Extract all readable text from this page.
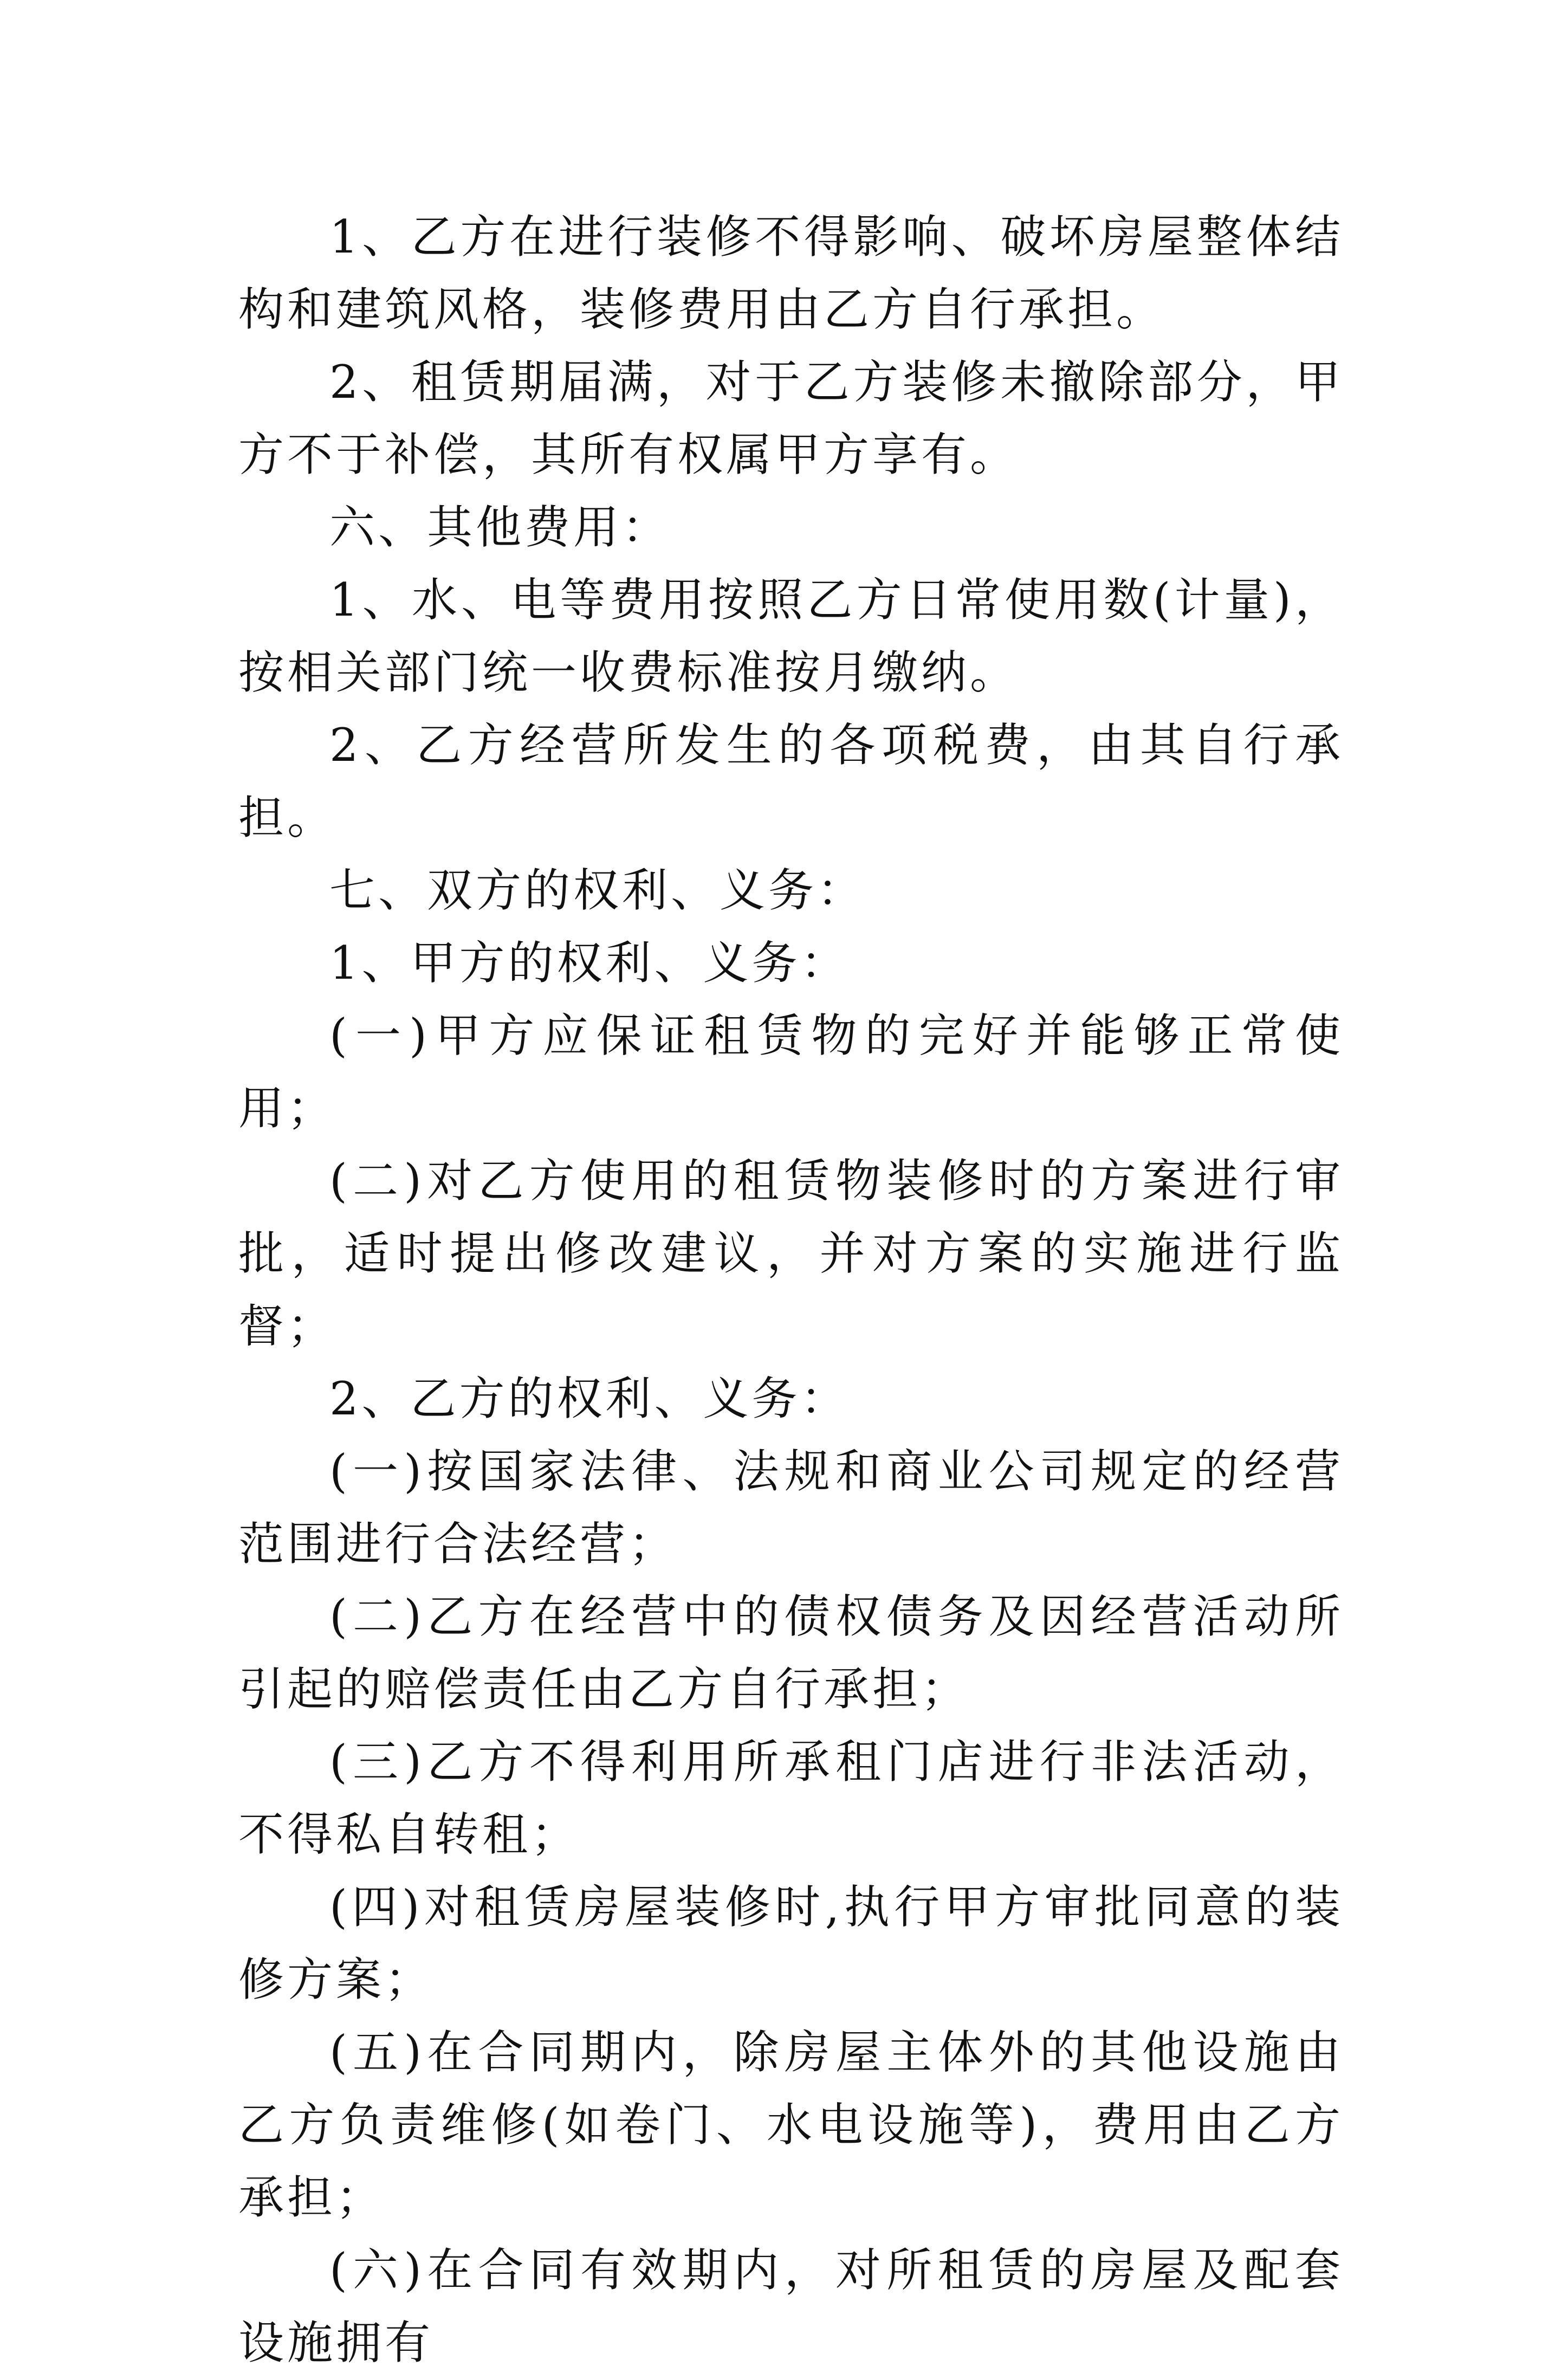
1、乙方在进行装修不得影响、破坏房屋整体结构和建筑风格，装修费用由乙方自行承担。

2、租赁期届满，对于乙方装修未撤除部分，甲方不于补偿，其所有权属甲方享有。

六、其他费用：

1、水、电等费用按照乙方日常使用数(计量)，按相关部门统一收费标准按月缴纳。

2、乙方经营所发生的各项税费，由其自行承担。

七、双方的权利、义务：

1、甲方的权利、义务：

(一)甲方应保证租赁物的完好并能够正常使用；

(二)对乙方使用的租赁物装修时的方案进行审批，适时提出修改建议，并对方案的实施进行监督；

2、乙方的权利、义务：

(一)按国家法律、法规和商业公司规定的经营范围进行合法经营；

(二)乙方在经营中的债权债务及因经营活动所引起的赔偿责任由乙方自行承担；

(三)乙方不得利用所承租门店进行非法活动，不得私自转租；

(四)对租赁房屋装修时,执行甲方审批同意的装修方案；

(五)在合同期内，除房屋主体外的其他设施由乙方负责维修(如卷门、水电设施等)，费用由乙方承担；

(六)在合同有效期内，对所租赁的房屋及配套设施拥有
